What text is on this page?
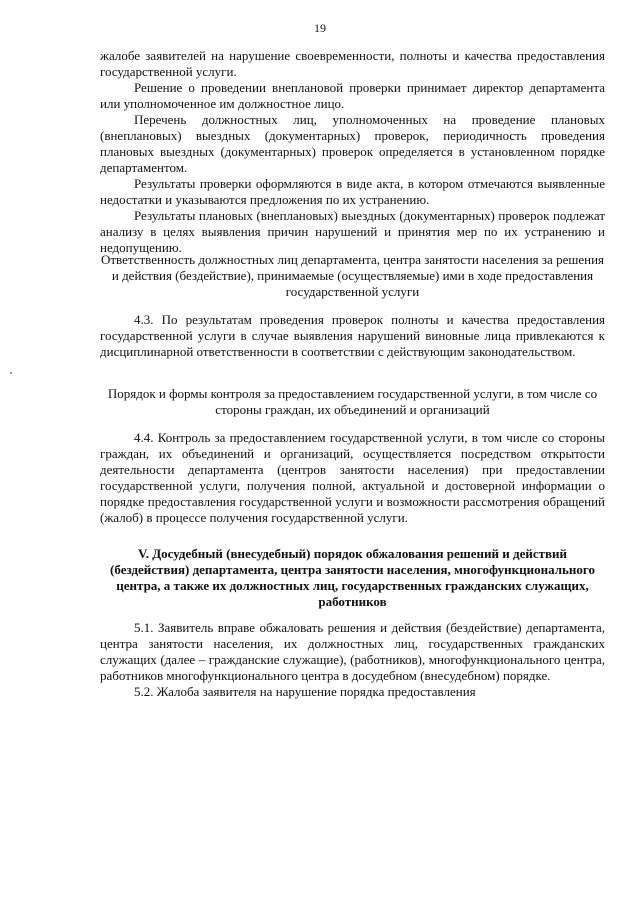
19

жалобе заявителей на нарушение своевременности, полноты и качества предоставления государственной услуги.

Решение о проведении внеплановой проверки принимает директор департамента или уполномоченное им должностное лицо.

Перечень должностных лиц, уполномоченных на проведение плановых (внеплановых) выездных (документарных) проверок, периодичность проведения плановых выездных (документарных) проверок определяется в установленном порядке департаментом.

Результаты проверки оформляются в виде акта, в котором отмечаются выявленные недостатки и указываются предложения по их устранению.

Результаты плановых (внеплановых) выездных (документарных) проверок подлежат анализу в целях выявления причин нарушений и принятия мер по их устранению и недопущению.

Ответственность должностных лиц департамента, центра занятости населения за решения и действия (бездействие), принимаемые (осуществляемые) ими в ходе предоставления государственной услуги

4.3. По результатам проведения проверок полноты и качества предоставления государственной услуги в случае выявления нарушений виновные лица привлекаются к дисциплинарной ответственности в соответствии с действующим законодательством.

Порядок и формы контроля за предоставлением государственной услуги, в том числе со стороны граждан, их объединений и организаций

4.4. Контроль за предоставлением государственной услуги, в том числе со стороны граждан, их объединений и организаций, осуществляется посредством открытости деятельности департамента (центров занятости населения) при предоставлении государственной услуги, получения полной, актуальной и достоверной информации о порядке предоставления государственной услуги и возможности рассмотрения обращений (жалоб) в процессе получения государственной услуги.

V. Досудебный (внесудебный) порядок обжалования решений и действий (бездействия) департамента, центра занятости населения, многофункционального центра, а также их должностных лиц, государственных гражданских служащих, работников

5.1. Заявитель вправе обжаловать решения и действия (бездействие) департамента, центра занятости населения, их должностных лиц, государственных гражданских служащих (далее – гражданские служащие), (работников), многофункционального центра, работников многофункционального центра в досудебном (внесудебном) порядке.

5.2. Жалоба заявителя на нарушение порядка предоставления
